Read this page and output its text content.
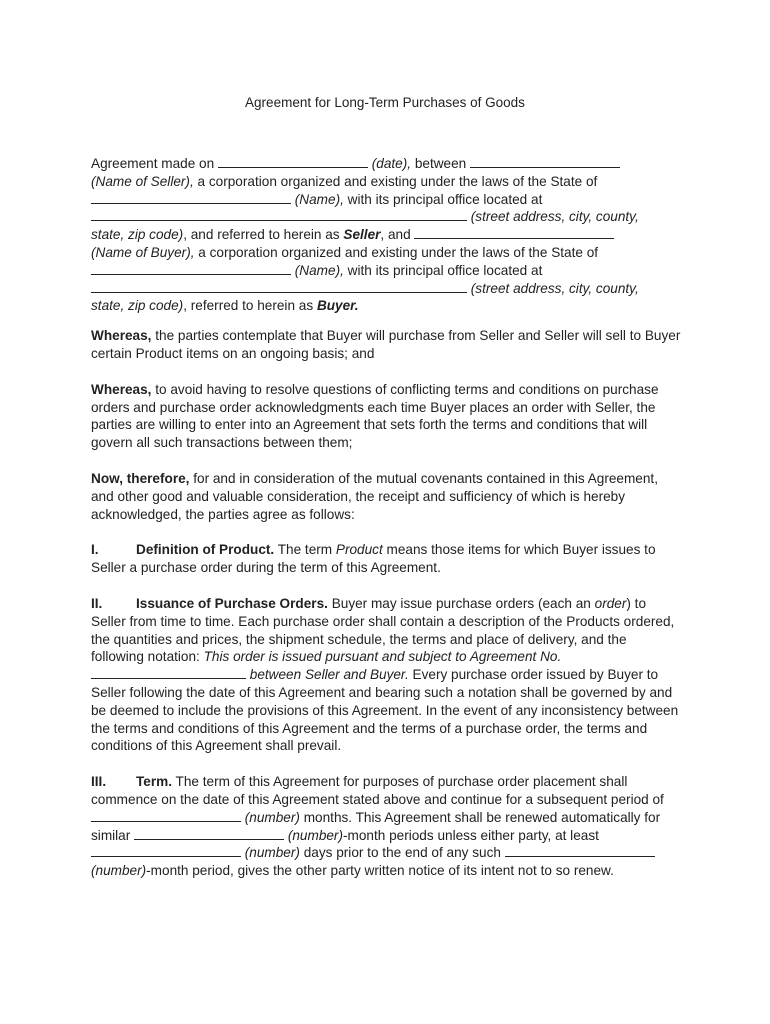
Agreement for Long-Term Purchases of Goods
Agreement made on	(date), between
(Name of Seller), a corporation organized and existing under the laws of the State of
(Name), with its principal office located at
(street address, city, county,
state, zip code), and referred to herein as Seller, and
(Name of Buyer), a corporation organized and existing under the laws of the State of
(Name), with its principal office located at
(street address, city, county,
state, zip code), referred to herein as Buyer.

Whereas, the parties contemplate that Buyer will purchase from Seller and Seller will sell to Buyer certain Product items on an ongoing basis; and

Whereas, to avoid having to resolve questions of conflicting terms and conditions on purchase orders and purchase order acknowledgments each time Buyer places an order with Seller, the parties are willing to enter into an Agreement that sets forth the terms and conditions that will govern all such transactions between them;

Now, therefore, for and in consideration of the mutual covenants contained in this Agreement, and other good and valuable consideration, the receipt and sufficiency of which is hereby acknowledged, the parties agree as follows:

I.	Definition of Product. The term Product means those items for which Buyer issues to Seller a purchase order during the term of this Agreement.

II. Issuance of Purchase Orders. Buyer may issue purchase orders (each an order) to Seller from time to time. Each purchase order shall contain a description of the Products ordered, the quantities and prices, the shipment schedule, the terms and place of delivery, and the following notation: This order is issued pursuant and subject to Agreement No.  between Seller and Buyer. Every purchase order issued by Buyer to Seller following the date of this Agreement and bearing such a notation shall be governed by and be deemed to include the provisions of this Agreement. In the event of any inconsistency between the terms and conditions of this Agreement and the terms of a purchase order, the terms and conditions of this Agreement shall prevail.

III. Term. The term of this Agreement for purposes of purchase order placement shall commence on the date of this Agreement stated above and continue for a subsequent period of  (number) months. This Agreement shall be renewed automatically for similar	(number)-month periods unless either party, at least  (number) days prior to the end of any such  (number)-month period, gives the other party written notice of its intent not to so renew.
